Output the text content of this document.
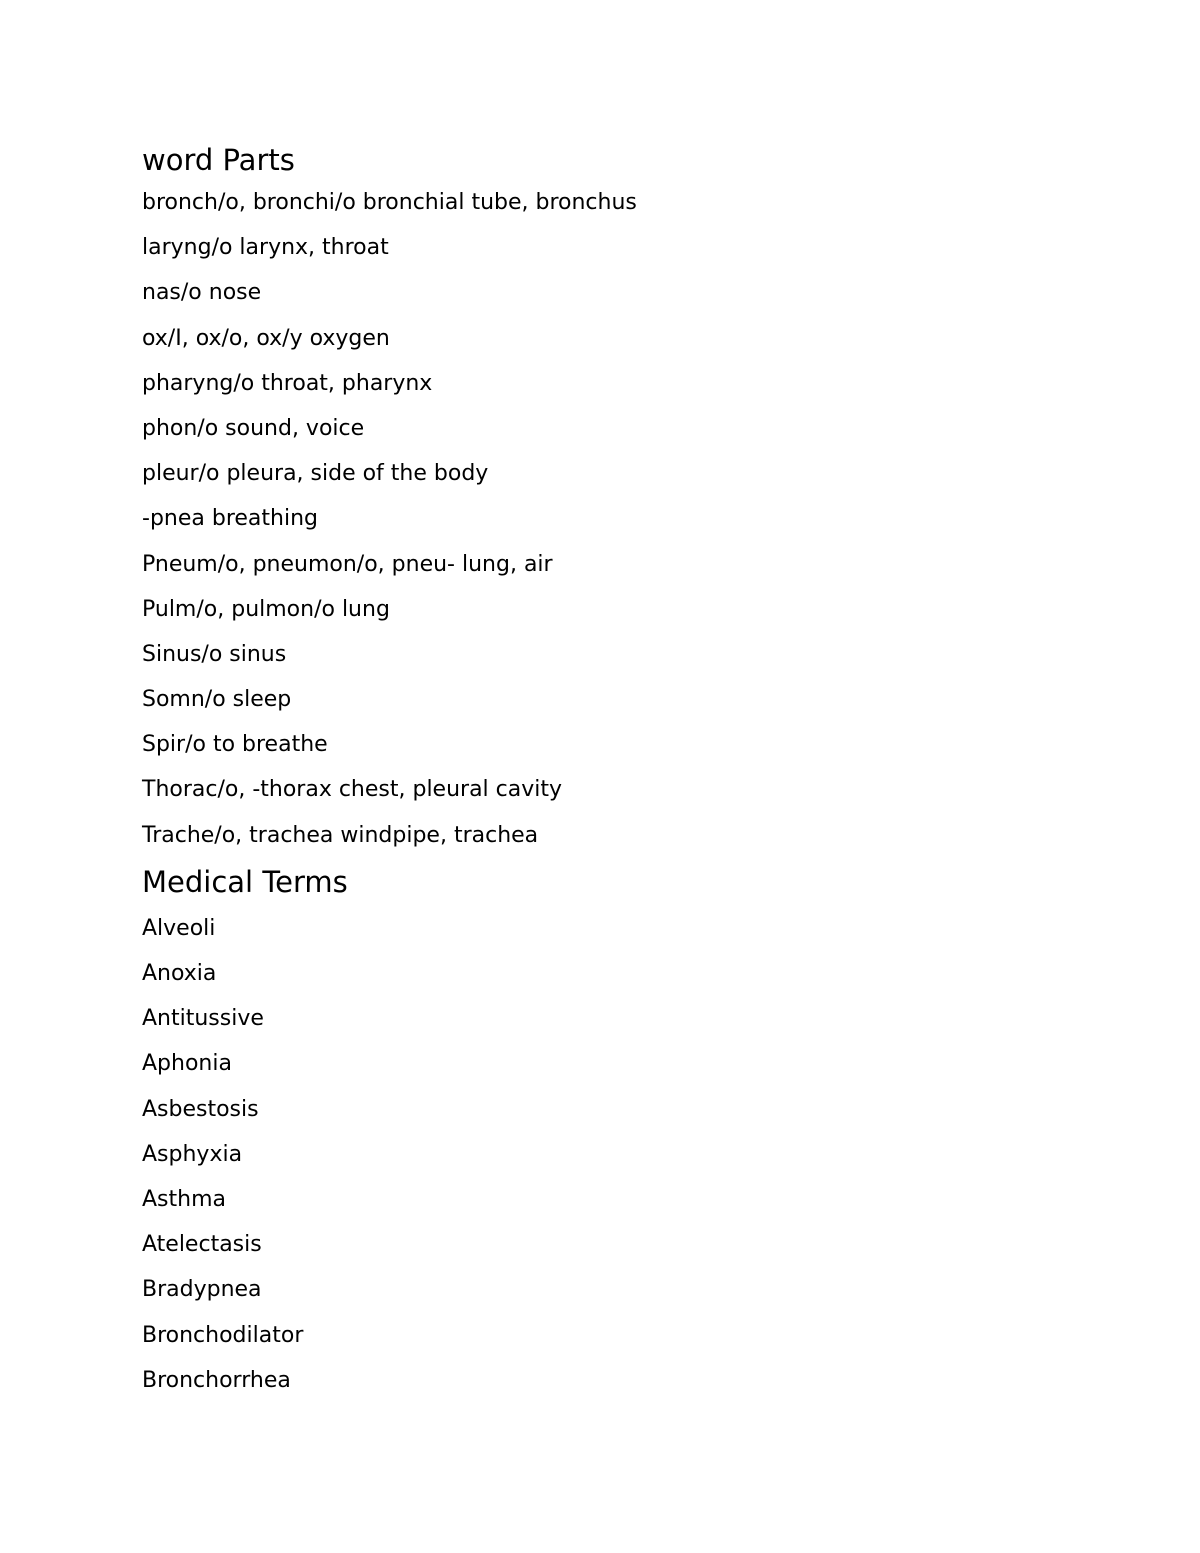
word Parts
bronch/o, bronchi/o bronchial tube, bronchus
laryng/o larynx, throat
nas/o nose
ox/I, ox/o, ox/y oxygen
pharyng/o throat, pharynx
phon/o sound, voice
pleur/o pleura, side of the body
-pnea breathing
Pneum/o, pneumon/o, pneu- lung, air
Pulm/o, pulmon/o lung
Sinus/o sinus
Somn/o sleep
Spir/o to breathe
Thorac/o, -thorax chest, pleural cavity
Trache/o, trachea windpipe, trachea
Medical Terms
Alveoli
Anoxia
Antitussive
Aphonia
Asbestosis
Asphyxia
Asthma
Atelectasis
Bradypnea
Bronchodilator
Bronchorrhea
